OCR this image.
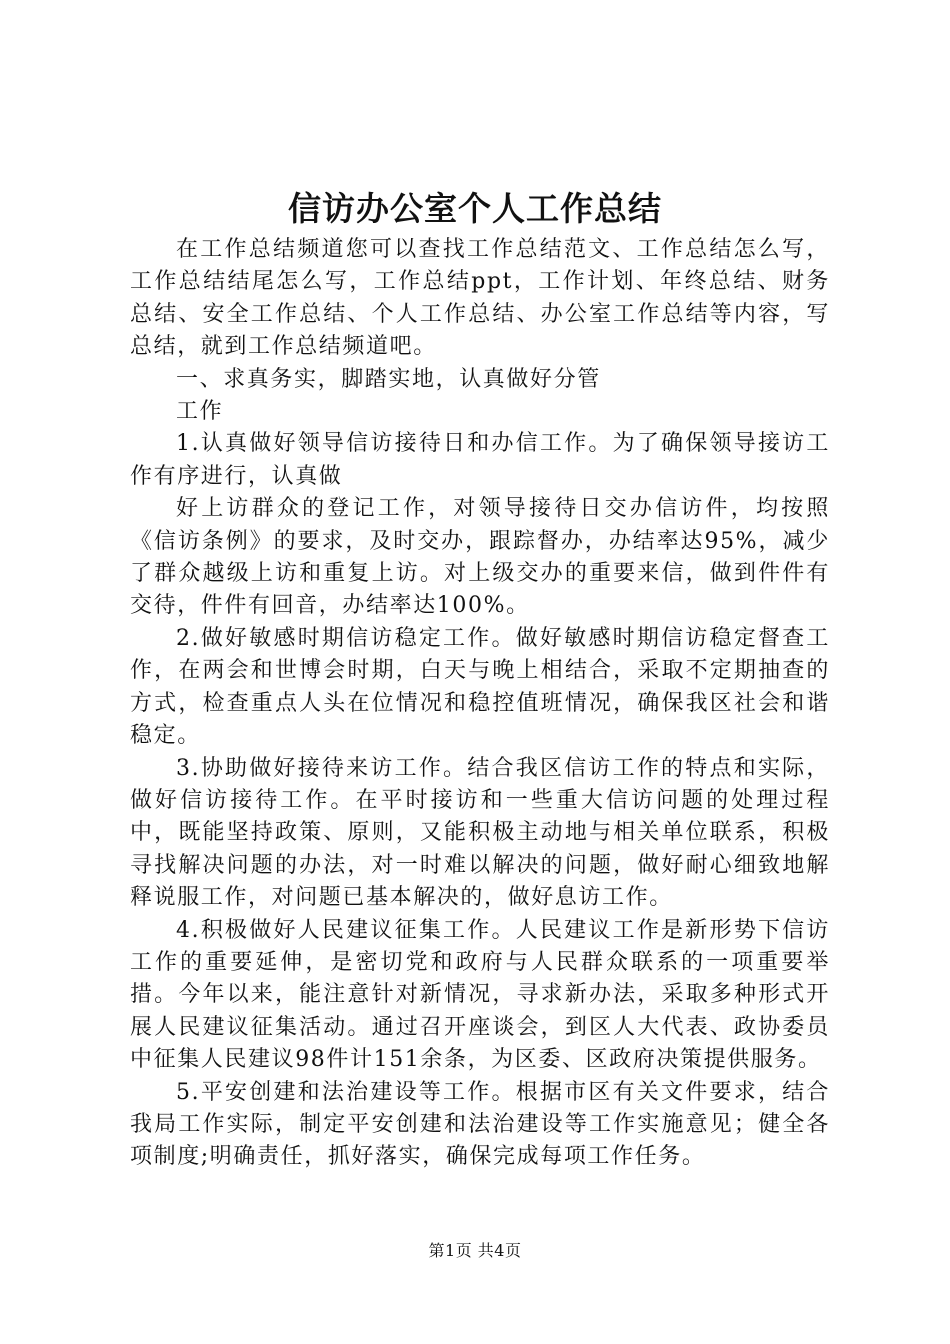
信访办公室个人工作总结

在工作总结频道您可以查找工作总结范文、工作总结怎么写，工作总结结尾怎么写，工作总结ppt，工作计划、年终总结、财务总结、安全工作总结、个人工作总结、办公室工作总结等内容，写总结，就到工作总结频道吧。

一、求真务实，脚踏实地，认真做好分管

工作

1.认真做好领导信访接待日和办信工作。为了确保领导接访工作有序进行，认真做

好上访群众的登记工作，对领导接待日交办信访件，均按照《信访条例》的要求，及时交办，跟踪督办，办结率达95%，减少了群众越级上访和重复上访。对上级交办的重要来信，做到件件有交待，件件有回音，办结率达100%。

2.做好敏感时期信访稳定工作。做好敏感时期信访稳定督查工作，在两会和世博会时期，白天与晚上相结合，采取不定期抽查的方式，检查重点人头在位情况和稳控值班情况，确保我区社会和谐稳定。

3.协助做好接待来访工作。结合我区信访工作的特点和实际，做好信访接待工作。在平时接访和一些重大信访问题的处理过程中，既能坚持政策、原则，又能积极主动地与相关单位联系，积极寻找解决问题的办法，对一时难以解决的问题，做好耐心细致地解释说服工作，对问题已基本解决的，做好息访工作。

4.积极做好人民建议征集工作。人民建议工作是新形势下信访工作的重要延伸，是密切党和政府与人民群众联系的一项重要举措。今年以来，能注意针对新情况，寻求新办法，采取多种形式开展人民建议征集活动。通过召开座谈会，到区人大代表、政协委员中征集人民建议98件计151余条，为区委、区政府决策提供服务。

5.平安创建和法治建设等工作。根据市区有关文件要求，结合我局工作实际，制定平安创建和法治建设等工作实施意见；健全各项制度;明确责任，抓好落实，确保完成每项工作任务。

第1页 共4页
